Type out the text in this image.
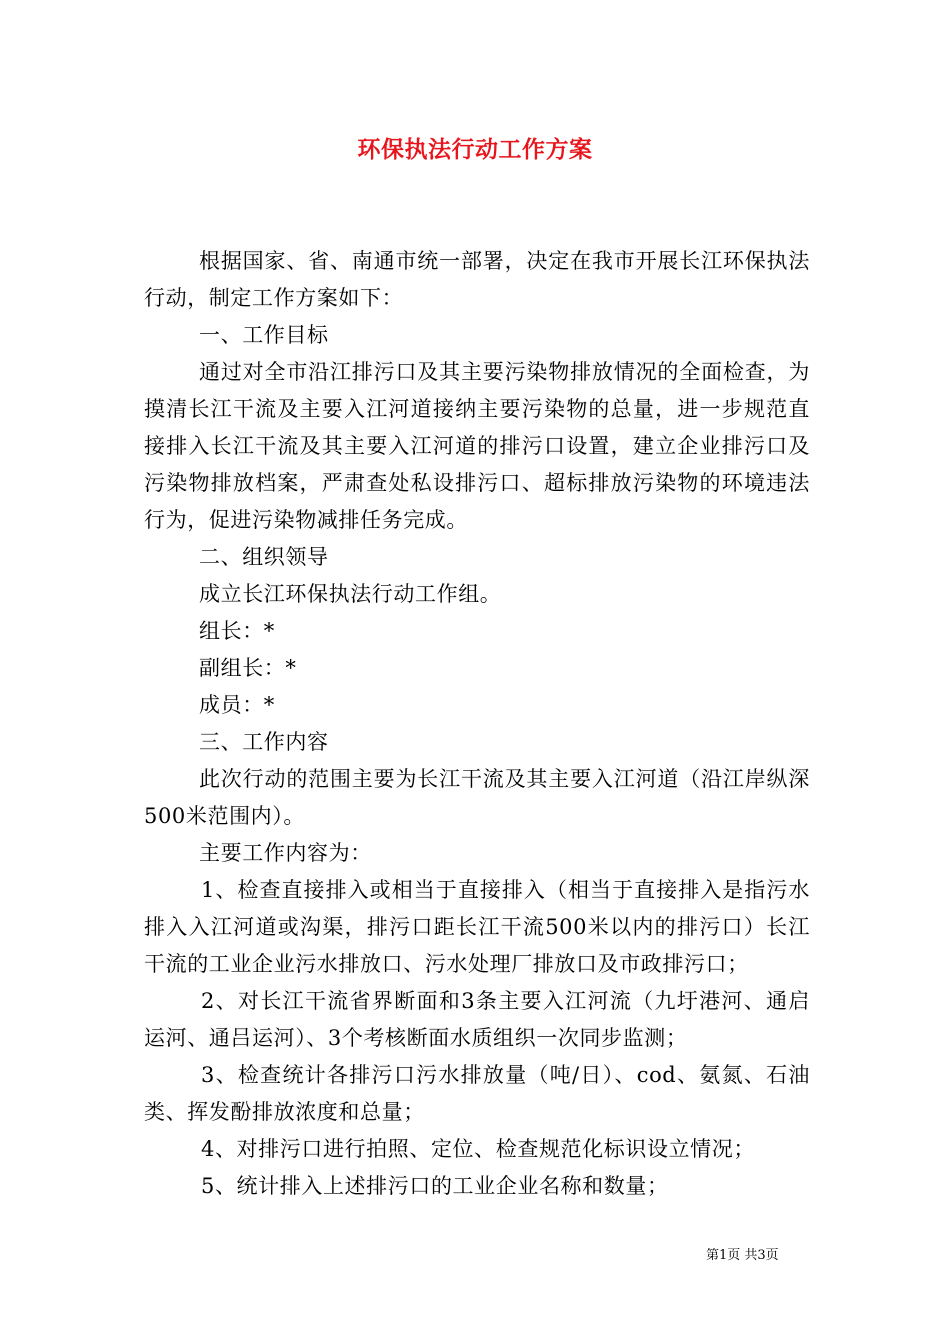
环保执法行动工作方案

根据国家、省、南通市统一部署，决定在我市开展长江环保执法行动，制定工作方案如下：

一、工作目标

通过对全市沿江排污口及其主要污染物排放情况的全面检查，为摸清长江干流及主要入江河道接纳主要污染物的总量，进一步规范直接排入长江干流及其主要入江河道的排污口设置，建立企业排污口及污染物排放档案，严肃查处私设排污口、超标排放污染物的环境违法行为，促进污染物减排任务完成。

二、组织领导

成立长江环保执法行动工作组。

组长：*

副组长：*

成员：*

三、工作内容

此次行动的范围主要为长江干流及其主要入江河道（沿江岸纵深500米范围内）。

主要工作内容为：

1、检查直接排入或相当于直接排入（相当于直接排入是指污水排入入江河道或沟渠，排污口距长江干流500米以内的排污口）长江干流的工业企业污水排放口、污水处理厂排放口及市政排污口；

2、对长江干流省界断面和3条主要入江河流（九圩港河、通启运河、通吕运河）、3个考核断面水质组织一次同步监测；

3、检查统计各排污口污水排放量（吨/日）、cod、氨氮、石油类、挥发酚排放浓度和总量；

4、对排污口进行拍照、定位、检查规范化标识设立情况；

5、统计排入上述排污口的工业企业名称和数量；

第1页 共3页
